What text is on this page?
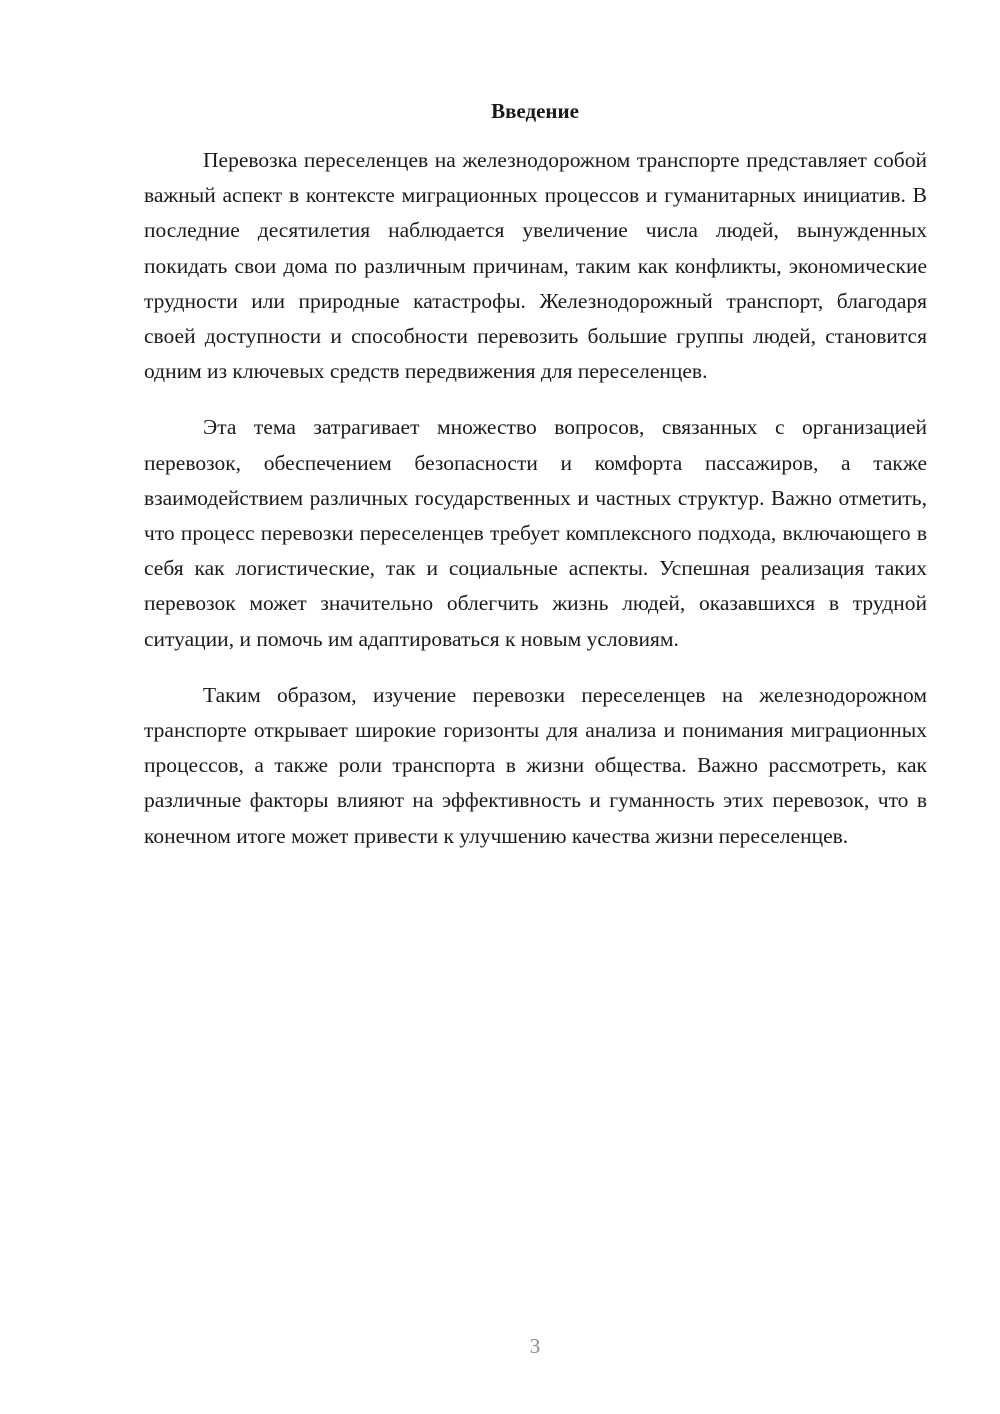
Введение

Перевозка переселенцев на железнодорожном транспорте представляет собой важный аспект в контексте миграционных процессов и гуманитарных инициатив. В последние десятилетия наблюдается увеличение числа людей, вынужденных покидать свои дома по различным причинам, таким как конфликты, экономические трудности или природные катастрофы. Железнодорожный транспорт, благодаря своей доступности и способности перевозить большие группы людей, становится одним из ключевых средств передвижения для переселенцев.

Эта тема затрагивает множество вопросов, связанных с организацией перевозок, обеспечением безопасности и комфорта пассажиров, а также взаимодействием различных государственных и частных структур. Важно отметить, что процесс перевозки переселенцев требует комплексного подхода, включающего в себя как логистические, так и социальные аспекты. Успешная реализация таких перевозок может значительно облегчить жизнь людей, оказавшихся в трудной ситуации, и помочь им адаптироваться к новым условиям.

Таким образом, изучение перевозки переселенцев на железнодорожном транспорте открывает широкие горизонты для анализа и понимания миграционных процессов, а также роли транспорта в жизни общества. Важно рассмотреть, как различные факторы влияют на эффективность и гуманность этих перевозок, что в конечном итоге может привести к улучшению качества жизни переселенцев.

3
